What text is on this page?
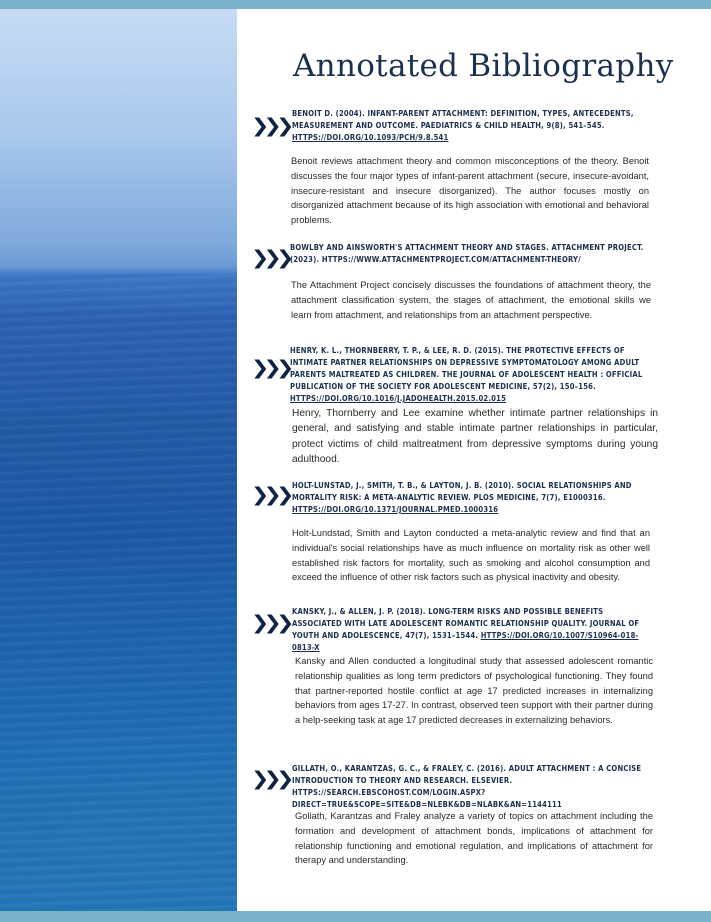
Annotated Bibliography
❯❯❯

BENOIT D. (2004). INFANT-PARENT ATTACHMENT: DEFINITION, TYPES, ANTECEDENTS, MEASUREMENT AND OUTCOME. PAEDIATRICS & CHILD HEALTH, 9(8), 541–545. HTTPS://DOI.ORG/10.1093/PCH/9.8.541

Benoit reviews attachment theory and common misconceptions of the theory. Benoit discusses the four major types of infant-parent attachment (secure, insecure-avoidant, insecure-resistant and insecure disorganized). The author focuses mostly on disorganized attachment because of its high association with emotional and behavioral problems.

❯❯❯ BOWLBY AND AINSWORTH'S ATTACHMENT THEORY AND STAGES. ATTACHMENT PROJECT. (2023). HTTPS://WWW.ATTACHMENTPROJECT.COM/ATTACHMENT-THEORY/

The Attachment Project concisely discusses the foundations of attachment theory, the attachment classification system, the stages of attachment, the emotional skills we learn from attachment, and relationships from an attachment perspective.

❯❯❯

HENRY, K. L., THORNBERRY, T. P., & LEE, R. D. (2015). THE PROTECTIVE EFFECTS OF INTIMATE PARTNER RELATIONSHIPS ON DEPRESSIVE SYMPTOMATOLOGY AMONG ADULT PARENTS MALTREATED AS CHILDREN. THE JOURNAL OF ADOLESCENT HEALTH : OFFICIAL PUBLICATION OF THE SOCIETY FOR ADOLESCENT MEDICINE, 57(2), 150–156. HTTPS://DOI.ORG/10.1016/J.JADOHEALTH.2015.02.015

Henry, Thornberry and Lee examine whether intimate partner relationships in general, and satisfying and stable intimate partner relationships in particular, protect victims of child maltreatment from depressive symptoms during young adulthood.

❯❯❯ HOLT-LUNSTAD, J., SMITH, T. B., & LAYTON, J. B. (2010). SOCIAL RELATIONSHIPS AND MORTALITY RISK: A META-ANALYTIC REVIEW. PLOS MEDICINE, 7(7), E1000316. HTTPS://DOI.ORG/10.1371/JOURNAL.PMED.1000316

Holt-Lundstad, Smith and Layton conducted a meta-analytic review and find that an individual's social relationships have as much influence on mortality risk as other well established risk factors for mortality, such as smoking and alcohol consumption and exceed the influence of other risk factors such as physical inactivity and obesity.

❯❯❯

KANSKY, J., & ALLEN, J. P. (2018). LONG-TERM RISKS AND POSSIBLE BENEFITS ASSOCIATED WITH LATE ADOLESCENT ROMANTIC RELATIONSHIP QUALITY. JOURNAL OF YOUTH AND ADOLESCENCE, 47(7), 1531–1544. HTTPS://DOI.ORG/10.1007/S10964-018-0813-X

Kansky and Allen conducted a longitudinal study that assessed adolescent romantic relationship qualities as long term predictors of psychological functioning. They found that partner-reported hostile conflict at age 17 predicted increases in internalizing behaviors from ages 17-27. In contrast, observed teen support with their partner during a help-seeking task at age 17 predicted decreases in externalizing behaviors.

❯❯❯ GILLATH, O., KARANTZAS, G. C., & FRALEY, C. (2016). ADULT ATTACHMENT : A CONCISE INTRODUCTION TO THEORY AND RESEARCH. ELSEVIER. HTTPS://SEARCH.EBSCOHOST.COM/LOGIN.ASPX?DIRECT=TRUE&SCOPE=SITE&DB=NLEBK&DB=NLABK&AN=1144111

Goliath, Karantzas and Fraley analyze a variety of topics on attachment including the formation and development of attachment bonds, implications of attachment for relationship functioning and emotional regulation, and implications of attachment for therapy and understanding.
